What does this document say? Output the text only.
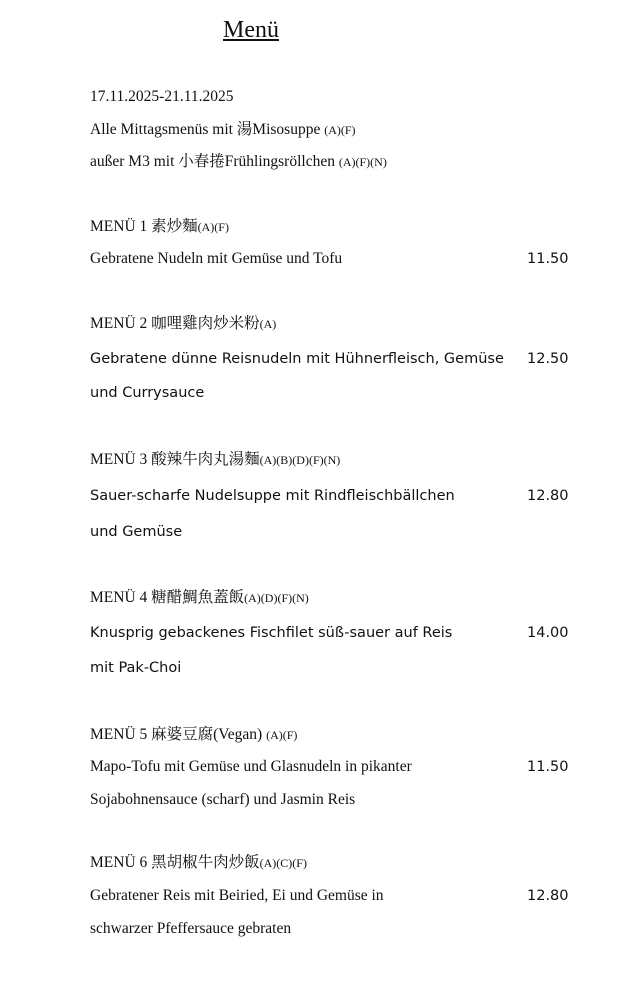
Menü
17.11.2025-21.11.2025
Alle Mittagsmenüs mit 湯Misosuppe (A)(F)
außer M3 mit 小春捲Frühlingsröllchen (A)(F)(N)
MENÜ 1 素炒麵(A)(F)
Gebratene Nudeln mit Gemüse und Tofu	11.50
MENÜ 2 咖哩雞肉炒米粉(A)
Gebratene dünne Reisnudeln mit Hühnerfleisch, Gemüse
und Currysauce
12.50
MENÜ 3 酸辣牛肉丸湯麵(A)(B)(D)(F)(N)
Sauer-scharfe Nudelsuppe mit Rindfleischbällchen
und Gemüse
12.80
MENÜ 4 糖醋鯛魚蓋飯(A)(D)(F)(N)
Knusprig gebackenes Fischfilet süß-sauer auf Reis
mit Pak-Choi
14.00
MENÜ 5 麻婆豆腐(Vegan) (A)(F)
Mapo-Tofu mit Gemüse und Glasnudeln in pikanter
Sojabohnensauce (scharf) und Jasmin Reis
11.50
MENÜ 6 黑胡椒牛肉炒飯(A)(C)(F)
Gebratener Reis mit Beiried, Ei und Gemüse in
schwarzer Pfeffersauce gebraten
12.80
